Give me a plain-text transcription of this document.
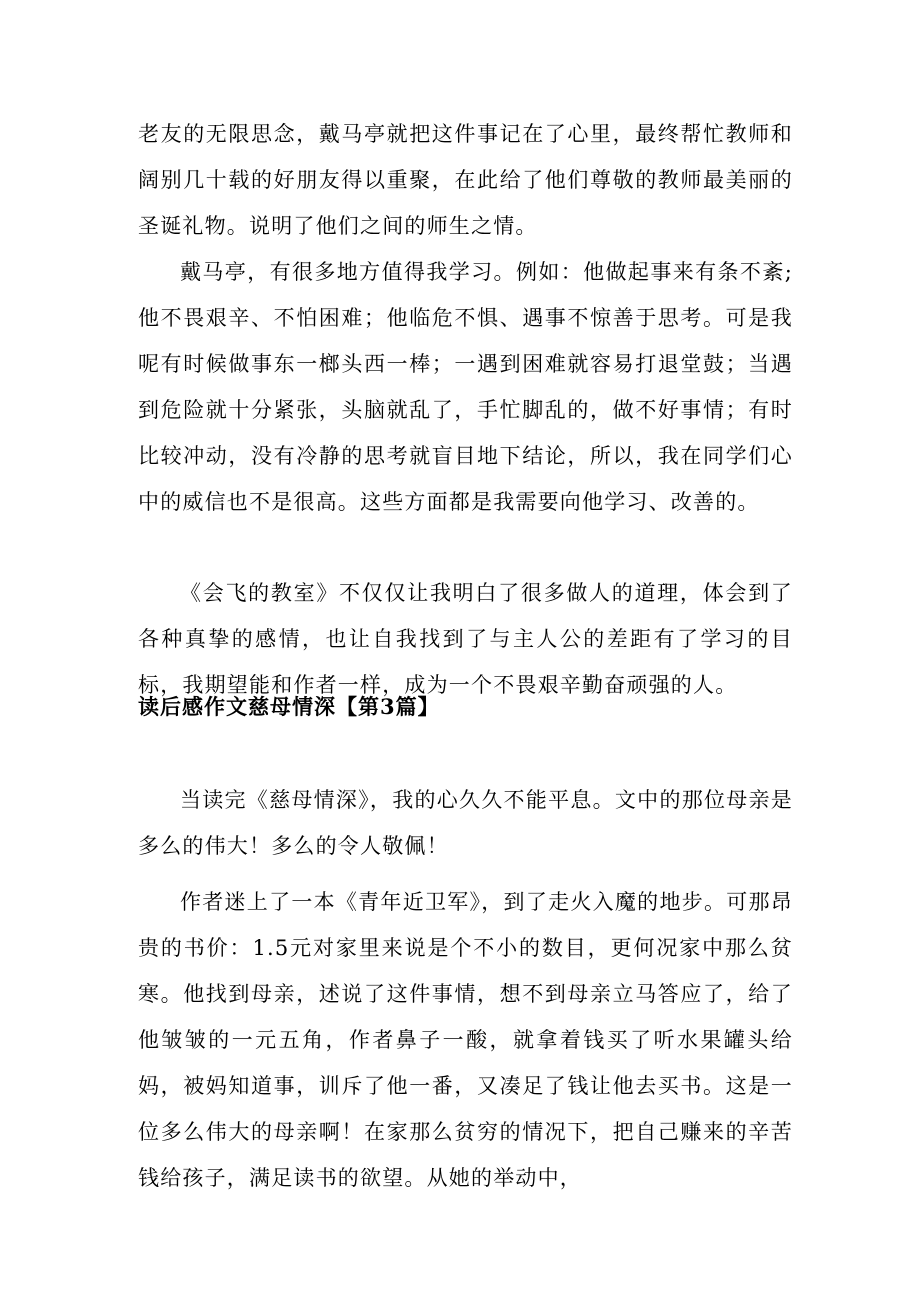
老友的无限思念，戴马亭就把这件事记在了心里，最终帮忙教师和阔别几十载的好朋友得以重聚，在此给了他们尊敬的教师最美丽的圣诞礼物。说明了他们之间的师生之情。

戴马亭，有很多地方值得我学习。例如：他做起事来有条不紊;他不畏艰辛、不怕困难；他临危不惧、遇事不惊善于思考。可是我呢有时候做事东一榔头西一棒；一遇到困难就容易打退堂鼓；当遇到危险就十分紧张，头脑就乱了，手忙脚乱的，做不好事情；有时比较冲动，没有冷静的思考就盲目地下结论，所以，我在同学们心中的威信也不是很高。这些方面都是我需要向他学习、改善的。

《会飞的教室》不仅仅让我明白了很多做人的道理，体会到了各种真挚的感情，也让自我找到了与主人公的差距有了学习的目标，我期望能和作者一样，成为一个不畏艰辛勤奋顽强的人。

读后感作文慈母情深【第3篇】

当读完《慈母情深》，我的心久久不能平息。文中的那位母亲是多么的伟大！多么的令人敬佩！

作者迷上了一本《青年近卫军》，到了走火入魔的地步。可那昂贵的书价：1.5元对家里来说是个不小的数目，更何况家中那么贫寒。他找到母亲，述说了这件事情，想不到母亲立马答应了，给了他皱皱的一元五角，作者鼻子一酸，就拿着钱买了听水果罐头给妈，被妈知道事，训斥了他一番，又凑足了钱让他去买书。这是一位多么伟大的母亲啊！在家那么贫穷的情况下，把自己赚来的辛苦钱给孩子，满足读书的欲望。从她的举动中，
